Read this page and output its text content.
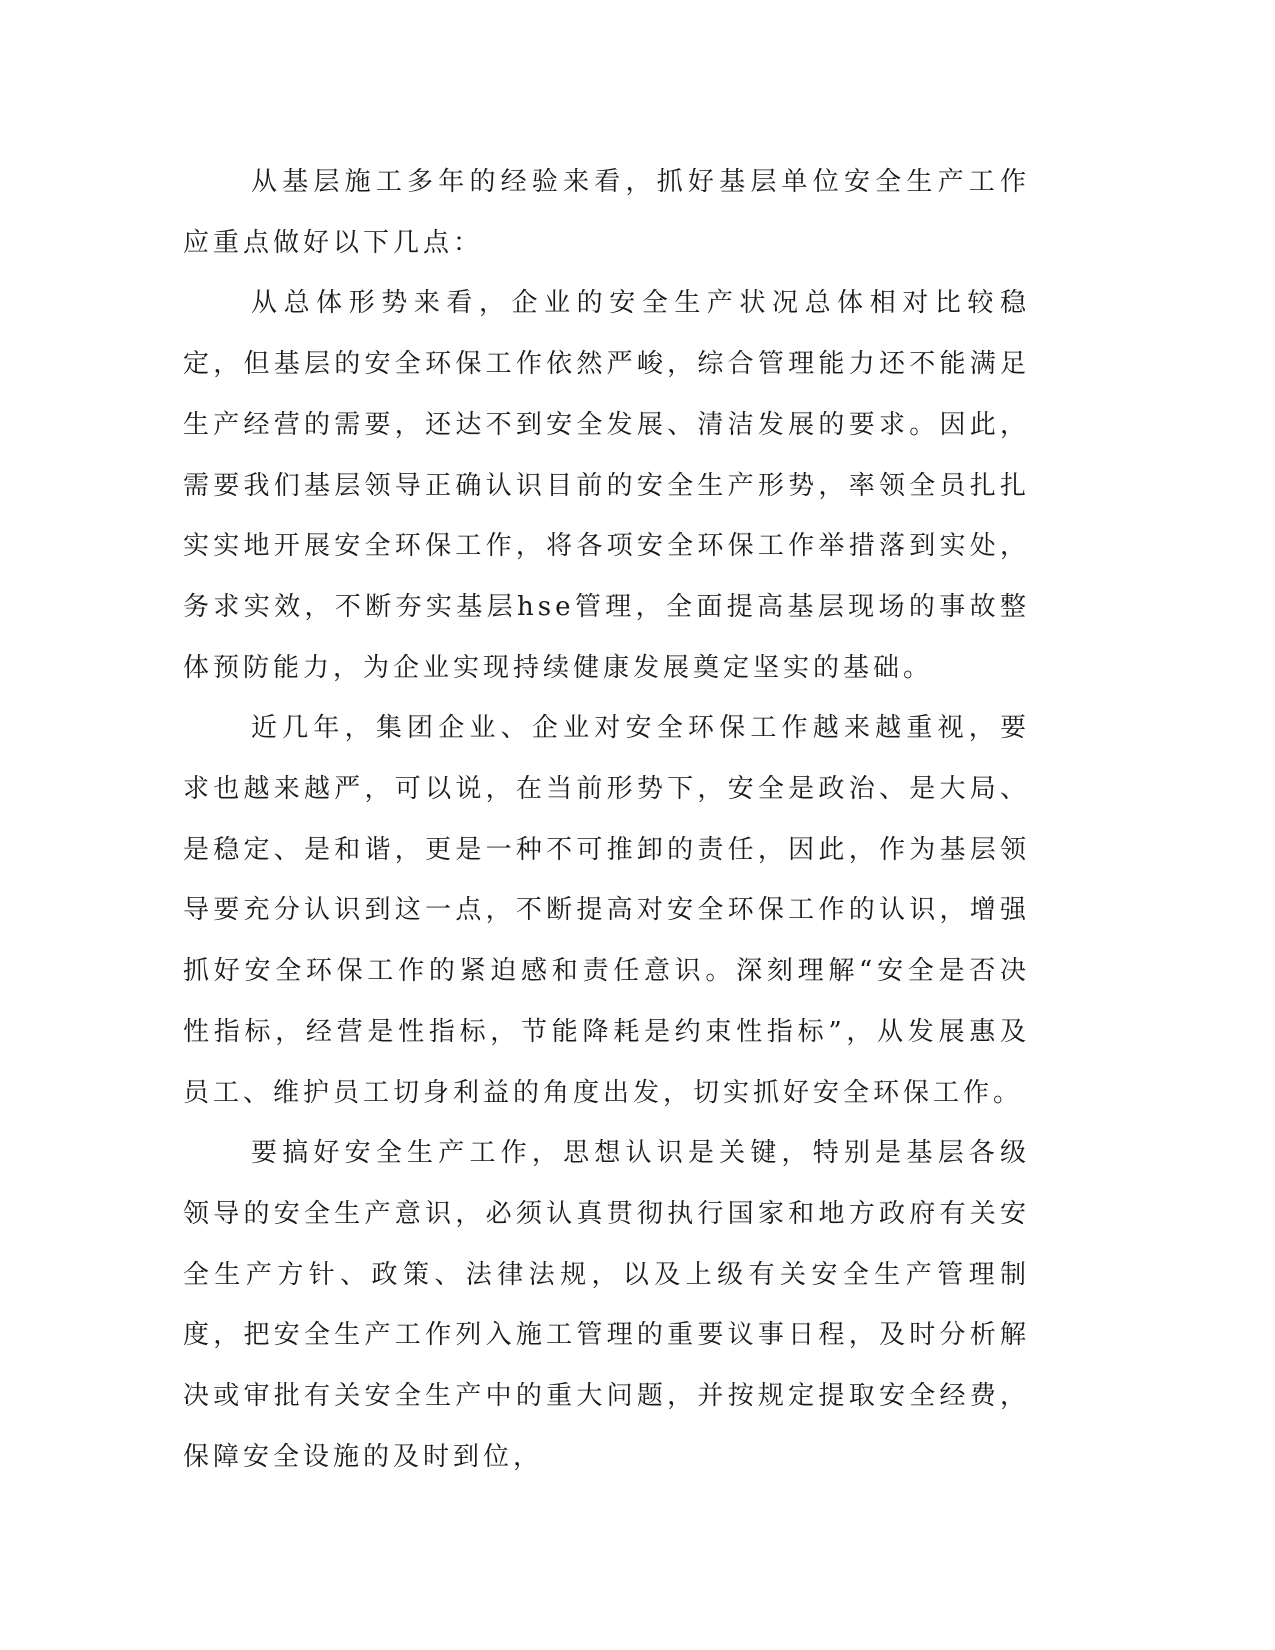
从基层施工多年的经验来看，抓好基层单位安全生产工作应重点做好以下几点：

从总体形势来看，企业的安全生产状况总体相对比较稳定，但基层的安全环保工作依然严峻，综合管理能力还不能满足生产经营的需要，还达不到安全发展、清洁发展的要求。因此，需要我们基层领导正确认识目前的安全生产形势，率领全员扎扎实实地开展安全环保工作，将各项安全环保工作举措落到实处，务求实效，不断夯实基层hse管理，全面提高基层现场的事故整体预防能力，为企业实现持续健康发展奠定坚实的基础。

近几年，集团企业、企业对安全环保工作越来越重视，要求也越来越严，可以说，在当前形势下，安全是政治、是大局、是稳定、是和谐，更是一种不可推卸的责任，因此，作为基层领导要充分认识到这一点，不断提高对安全环保工作的认识，增强抓好安全环保工作的紧迫感和责任意识。深刻理解“安全是否决性指标，经营是性指标，节能降耗是约束性指标”，从发展惠及员工、维护员工切身利益的角度出发，切实抓好安全环保工作。

要搞好安全生产工作，思想认识是关键，特别是基层各级领导的安全生产意识，必须认真贯彻执行国家和地方政府有关安全生产方针、政策、法律法规，以及上级有关安全生产管理制度，把安全生产工作列入施工管理的重要议事日程，及时分析解决或审批有关安全生产中的重大问题，并按规定提取安全经费，保障安全设施的及时到位，
